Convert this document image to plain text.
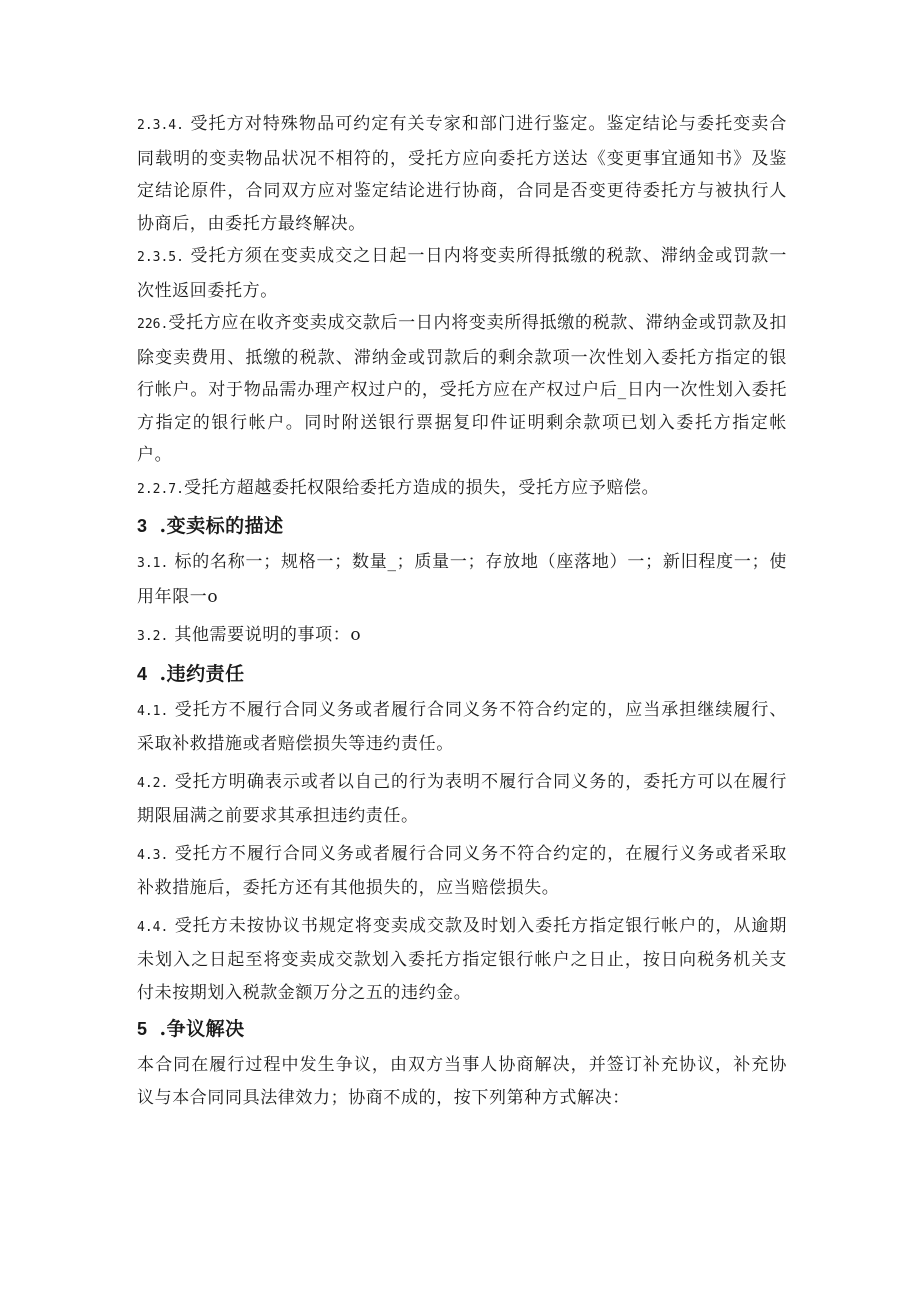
2.3.4. 受托方对特殊物品可约定有关专家和部门进行鉴定。鉴定结论与委托变卖合同载明的变卖物品状况不相符的，受托方应向委托方送达《变更事宜通知书》及鉴定结论原件，合同双方应对鉴定结论进行协商，合同是否变更待委托方与被执行人协商后，由委托方最终解决。

2.3.5. 受托方须在变卖成交之日起一日内将变卖所得抵缴的税款、滞纳金或罚款一次性返回委托方。

226.受托方应在收齐变卖成交款后一日内将变卖所得抵缴的税款、滞纳金或罚款及扣除变卖费用、抵缴的税款、滞纳金或罚款后的剩余款项一次性划入委托方指定的银行帐户。对于物品需办理产权过户的，受托方应在产权过户后_日内一次性划入委托方指定的银行帐户。同时附送银行票据复印件证明剩余款项已划入委托方指定帐户。

2.2.7.受托方超越委托权限给委托方造成的损失，受托方应予赔偿。

3 .变卖标的描述

3.1. 标的名称一；规格一；数量_；质量一；存放地（座落地）一；新旧程度一；使用年限一o

3.2. 其他需要说明的事项：o

4 .违约责任

4.1. 受托方不履行合同义务或者履行合同义务不符合约定的，应当承担继续履行、采取补救措施或者赔偿损失等违约责任。

4.2. 受托方明确表示或者以自己的行为表明不履行合同义务的，委托方可以在履行期限届满之前要求其承担违约责任。

4.3. 受托方不履行合同义务或者履行合同义务不符合约定的，在履行义务或者采取补救措施后，委托方还有其他损失的，应当赔偿损失。

4.4. 受托方未按协议书规定将变卖成交款及时划入委托方指定银行帐户的，从逾期未划入之日起至将变卖成交款划入委托方指定银行帐户之日止，按日向税务机关支付未按期划入税款金额万分之五的违约金。

5 .争议解决

本合同在履行过程中发生争议，由双方当事人协商解决，并签订补充协议，补充协议与本合同同具法律效力；协商不成的，按下列第种方式解决：
